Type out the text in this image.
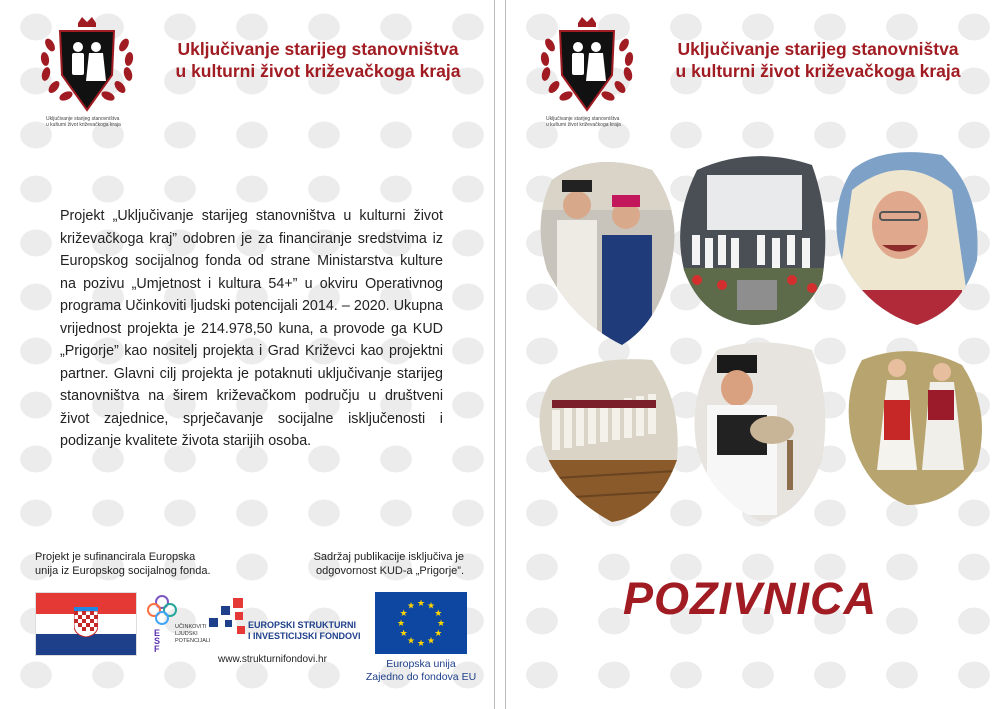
Uključivanje starijeg stanovništva
u kulturni život križevačkoga kraja
Uključivanje starijeg stanovništva
u kulturni život križevačkoga kraja
Projekt „Uključivanje starijeg stanovništva u kulturni život križevačkoga kraj” odobren je za financiranje sredstvima iz Europskog socijalnog fonda od strane Ministarstva kulture na pozivu „Umjetnost i kultura 54+” u okviru Operativnog programa Učinkoviti ljudski potencijali 2014. – 2020. Ukupna vrijednost projekta je 214.978,50 kuna, a provode ga KUD „Prigorje” kao nositelj projekta i Grad Križevci kao projektni partner. Glavni cilj projekta je potaknuti uključivanje starijeg stanovništva na širem križevačkom području u društveni život zajednice, sprječavanje socijalne isključenosti i podizanje kvalitete života starijih osoba.
Projekt je sufinancirala Europska
unija iz Europskog socijalnog fonda.
Sadržaj publikacije isključiva je
odgovornost KUD-a „Prigorje”.
E
S
F
UČINKOVITI
LJUDSKI
POTENCIJALI
EUROPSKI STRUKTURNI
I INVESTICIJSKI FONDOVI
www.strukturnifondovi.hr
★ ★
★
★
★
★
★
★
★
★
★
★
Europska unija
Zajedno do fondova EU
Uključivanje starijeg stanovništva
u kulturni život križevačkoga kraja
Uključivanje starijeg stanovništva
u kulturni život križevačkoga kraja
POZIVNICA
